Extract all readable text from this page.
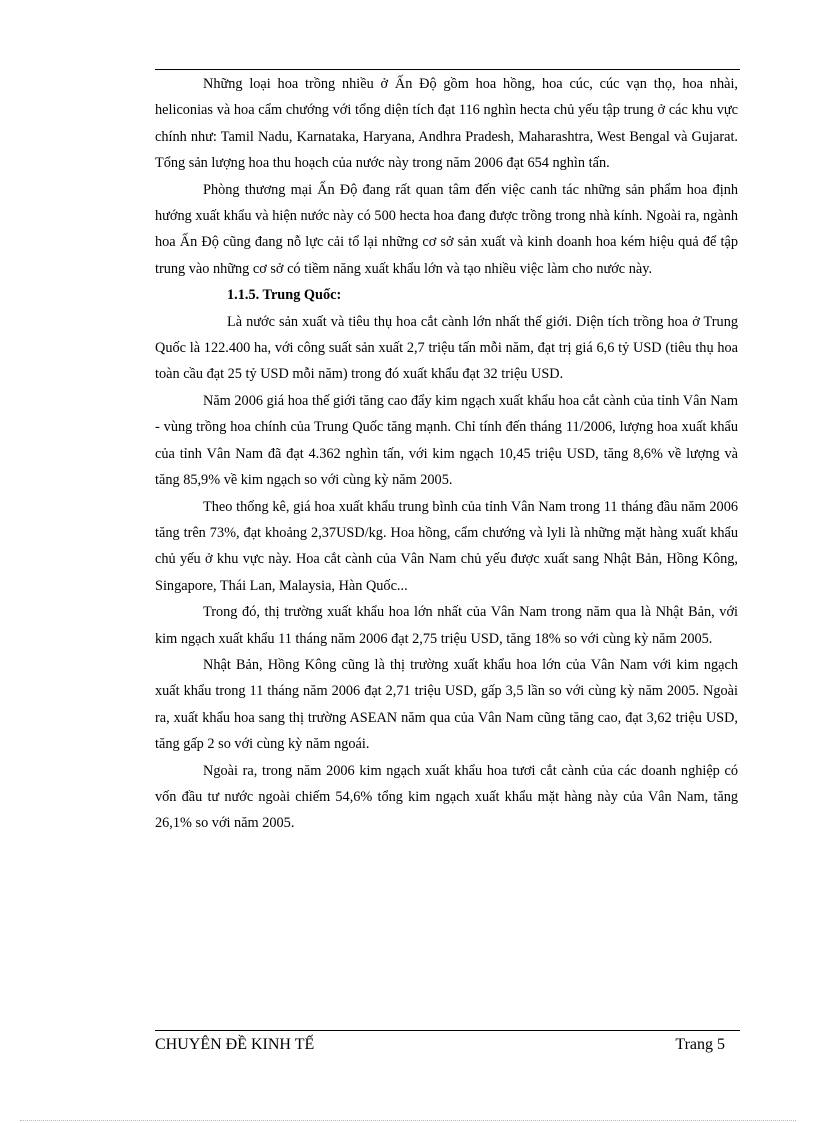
Những loại hoa trồng nhiều ở Ấn Độ gồm hoa hồng, hoa cúc, cúc vạn thọ, hoa nhài, heliconias và hoa cẩm chướng với tổng diện tích đạt 116 nghìn hecta chủ yếu tập trung ở các khu vực chính như: Tamil Nadu, Karnataka, Haryana, Andhra Pradesh, Maharashtra, West Bengal và Gujarat. Tổng sản lượng hoa thu hoạch của nước này trong năm 2006 đạt 654 nghìn tấn.

Phòng thương mại Ấn Độ đang rất quan tâm đến việc canh tác những sản phẩm hoa định hướng xuất khẩu và hiện nước này có 500 hecta hoa đang được trồng trong nhà kính. Ngoài ra, ngành hoa Ấn Độ cũng đang nỗ lực cải tổ lại những cơ sở sản xuất và kinh doanh hoa kém hiệu quả để tập trung vào những cơ sở có tiềm năng xuất khẩu lớn và tạo nhiều việc làm cho nước này.

1.1.5. Trung Quốc:

Là nước sản xuất và tiêu thụ hoa cắt cành lớn nhất thế giới. Diện tích trồng hoa ở Trung Quốc là 122.400 ha, với công suất sản xuất 2,7 triệu tấn mỗi năm, đạt trị giá 6,6 tỷ USD (tiêu thụ hoa toàn cầu đạt 25 tỷ USD mỗi năm) trong đó xuất khẩu đạt 32 triệu USD.

Năm 2006 giá hoa thế giới tăng cao đẩy kim ngạch xuất khẩu hoa cắt cành của tỉnh Vân Nam - vùng trồng hoa chính của Trung Quốc tăng mạnh. Chỉ tính đến tháng 11/2006, lượng hoa xuất khẩu của tỉnh Vân Nam đã đạt 4.362 nghìn tấn, với kim ngạch 10,45 triệu USD, tăng 8,6% về lượng và tăng 85,9% về kim ngạch so với cùng kỳ năm 2005.

Theo thống kê, giá hoa xuất khẩu trung bình của tỉnh Vân Nam trong 11 tháng đầu năm 2006 tăng trên 73%, đạt khoảng 2,37USD/kg. Hoa hồng, cẩm chướng và lyli là những mặt hàng xuất khẩu chủ yếu ở khu vực này. Hoa cắt cành của Vân Nam chủ yếu được xuất sang Nhật Bản, Hồng Kông, Singapore, Thái Lan, Malaysia, Hàn Quốc...

Trong đó, thị trường xuất khẩu hoa lớn nhất của Vân Nam trong năm qua là Nhật Bản, với kim ngạch xuất khẩu 11 tháng năm 2006 đạt 2,75 triệu USD, tăng 18% so với cùng kỳ năm 2005.

Nhật Bản, Hồng Kông cũng là thị trường xuất khẩu hoa lớn của Vân Nam với kim ngạch xuất khẩu trong 11 tháng năm 2006 đạt 2,71 triệu USD, gấp 3,5 lần so với cùng kỳ năm 2005. Ngoài ra, xuất khẩu hoa sang thị trường ASEAN năm qua của Vân Nam cũng tăng cao, đạt 3,62 triệu USD, tăng gấp 2 so với cùng kỳ năm ngoái.

Ngoài ra, trong năm 2006 kim ngạch xuất khẩu hoa tươi cắt cành của các doanh nghiệp có vốn đầu tư nước ngoài chiếm 54,6% tổng kim ngạch xuất khẩu mặt hàng này của Vân Nam, tăng 26,1% so với năm 2005.

CHUYÊN ĐỀ KINH TẾ	Trang 5
